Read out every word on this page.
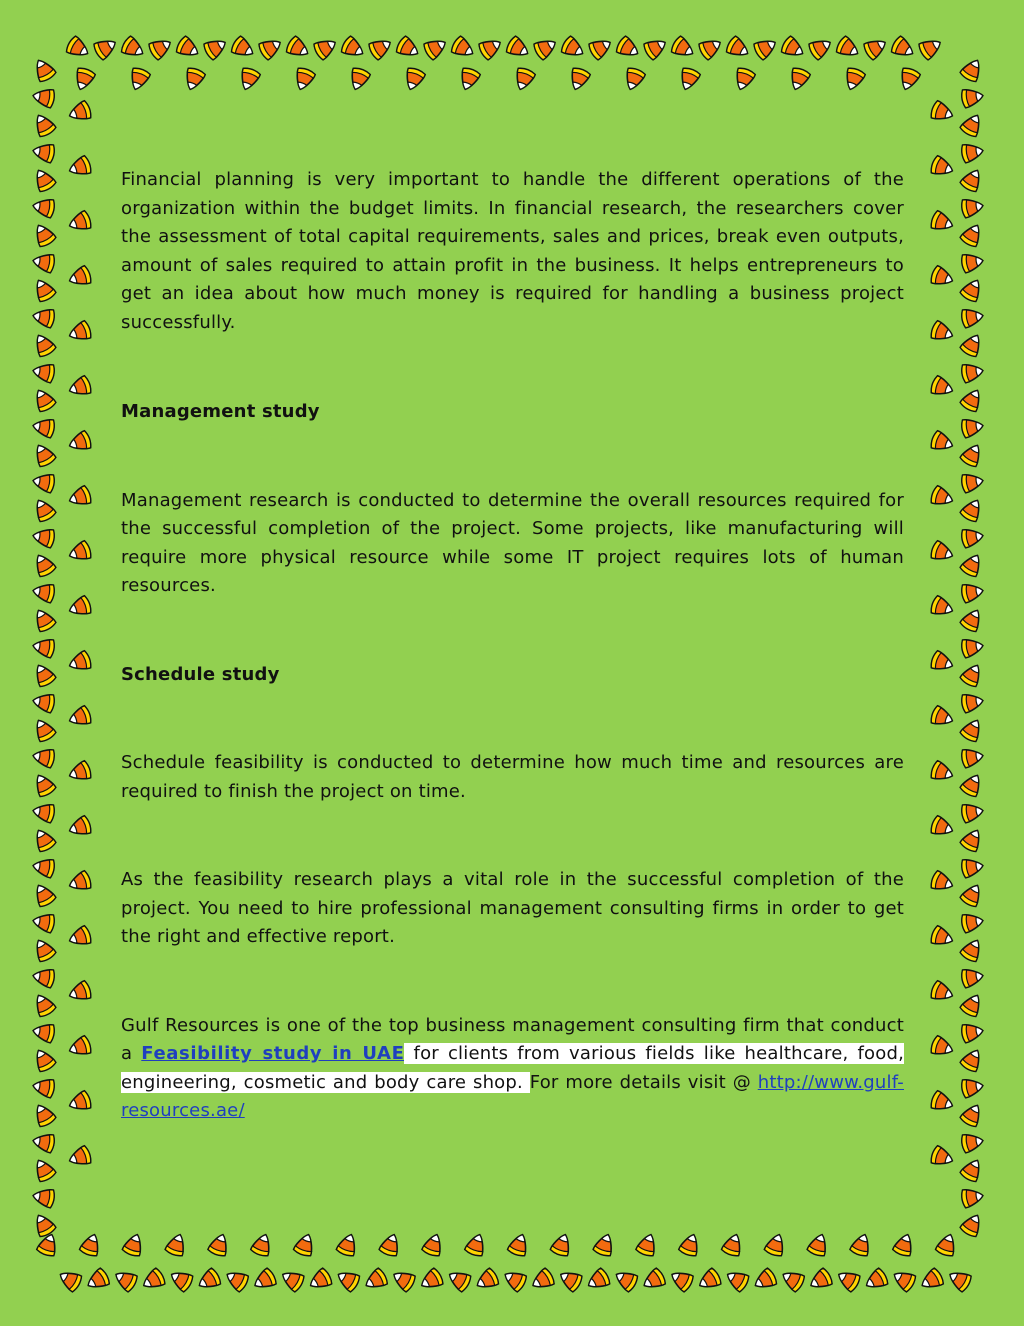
Financial planning is very important to handle the different operations of the organization within the budget limits. In financial research, the researchers cover the assessment of total capital requirements, sales and prices, break even outputs, amount of sales required to attain profit in the business. It helps entrepreneurs to get an idea about how much money is required for handling a business project successfully.

Management study

Management research is conducted to determine the overall resources required for the successful completion of the project. Some projects, like manufacturing will require more physical resource while some IT project requires lots of human resources.

Schedule study

Schedule feasibility is conducted to determine how much time and resources are required to finish the project on time.

As the feasibility research plays a vital role in the successful completion of the project. You need to hire professional management consulting firms in order to get the right and effective report.

Gulf Resources is one of the top business management consulting firm that conduct a Feasibility study in UAE for clients from various fields like healthcare, food, engineering, cosmetic and body care shop. For more details visit @ http://www.gulf-resources.ae/
